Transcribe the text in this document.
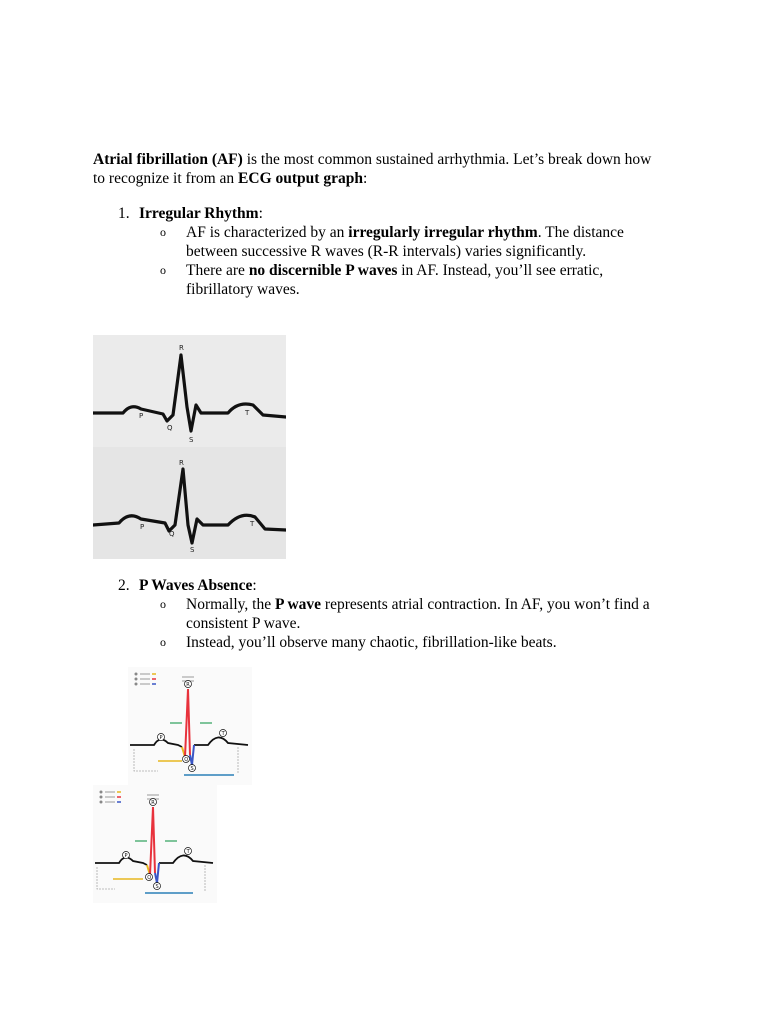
Atrial fibrillation (AF) is the most common sustained arrhythmia. Let’s break down how to recognize it from an ECG output graph:

1. Irregular Rhythm:
o AF is characterized by an irregularly irregular rhythm. The distance between successive R waves (R-R intervals) varies significantly.
o There are no discernible P waves in AF. Instead, you’ll see erratic, fibrillatory waves.
R
P
Q
S
T
R
P
Q
S
T
2. P Waves Absence:
o Normally, the P wave represents atrial contraction. In AF, you won’t find a consistent P wave.
o Instead, you’ll observe many chaotic, fibrillation-like beats.
R
P
Q
S
T
R
P
Q
S
T
